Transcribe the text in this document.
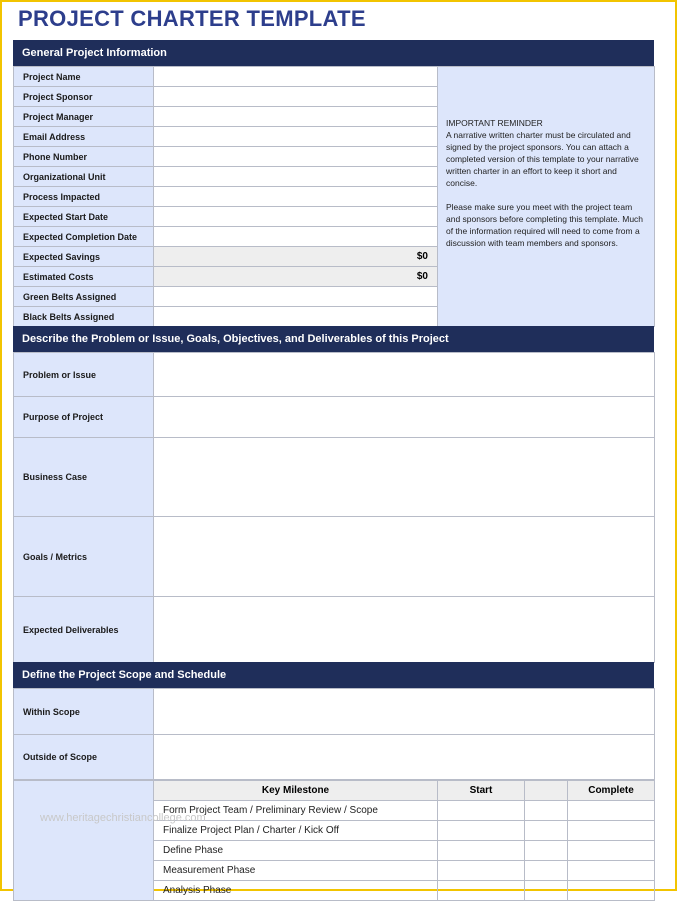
PROJECT CHARTER TEMPLATE
General Project Information
Project Name		IMPORTANT REMINDER

A narrative written charter must be circulated and signed by the project sponsors. You can attach a completed version of this template to your narrative written charter in an effort to keep it short and concise.

Please make sure you meet with the project team and sponsors before completing this template. Much of the information required will need to come from a discussion with team members and sponsors.

Project Sponsor		
Project Manager		
Email Address		
Phone Number		
Organizational Unit		
Process Impacted		
Expected Start Date		
Expected Completion Date		
Expected Savings	$0	
Estimated Costs	$0	
Green Belts Assigned		
Black Belts Assigned		
Describe the Problem or Issue, Goals, Objectives, and Deliverables of this Project
Problem or Issue	
Purpose of Project	
Business Case	
Goals / Metrics	
Expected Deliverables	
Define the Project Scope and Schedule
Within Scope	
Outside of Scope	
	Key Milestone	Start		Complete
	Form Project Team / Preliminary Review / Scope			
	Finalize Project Plan / Charter / Kick Off			
	Define Phase			
	Measurement Phase			
	Analysis Phase			
www.heritagechristiancollege.com
